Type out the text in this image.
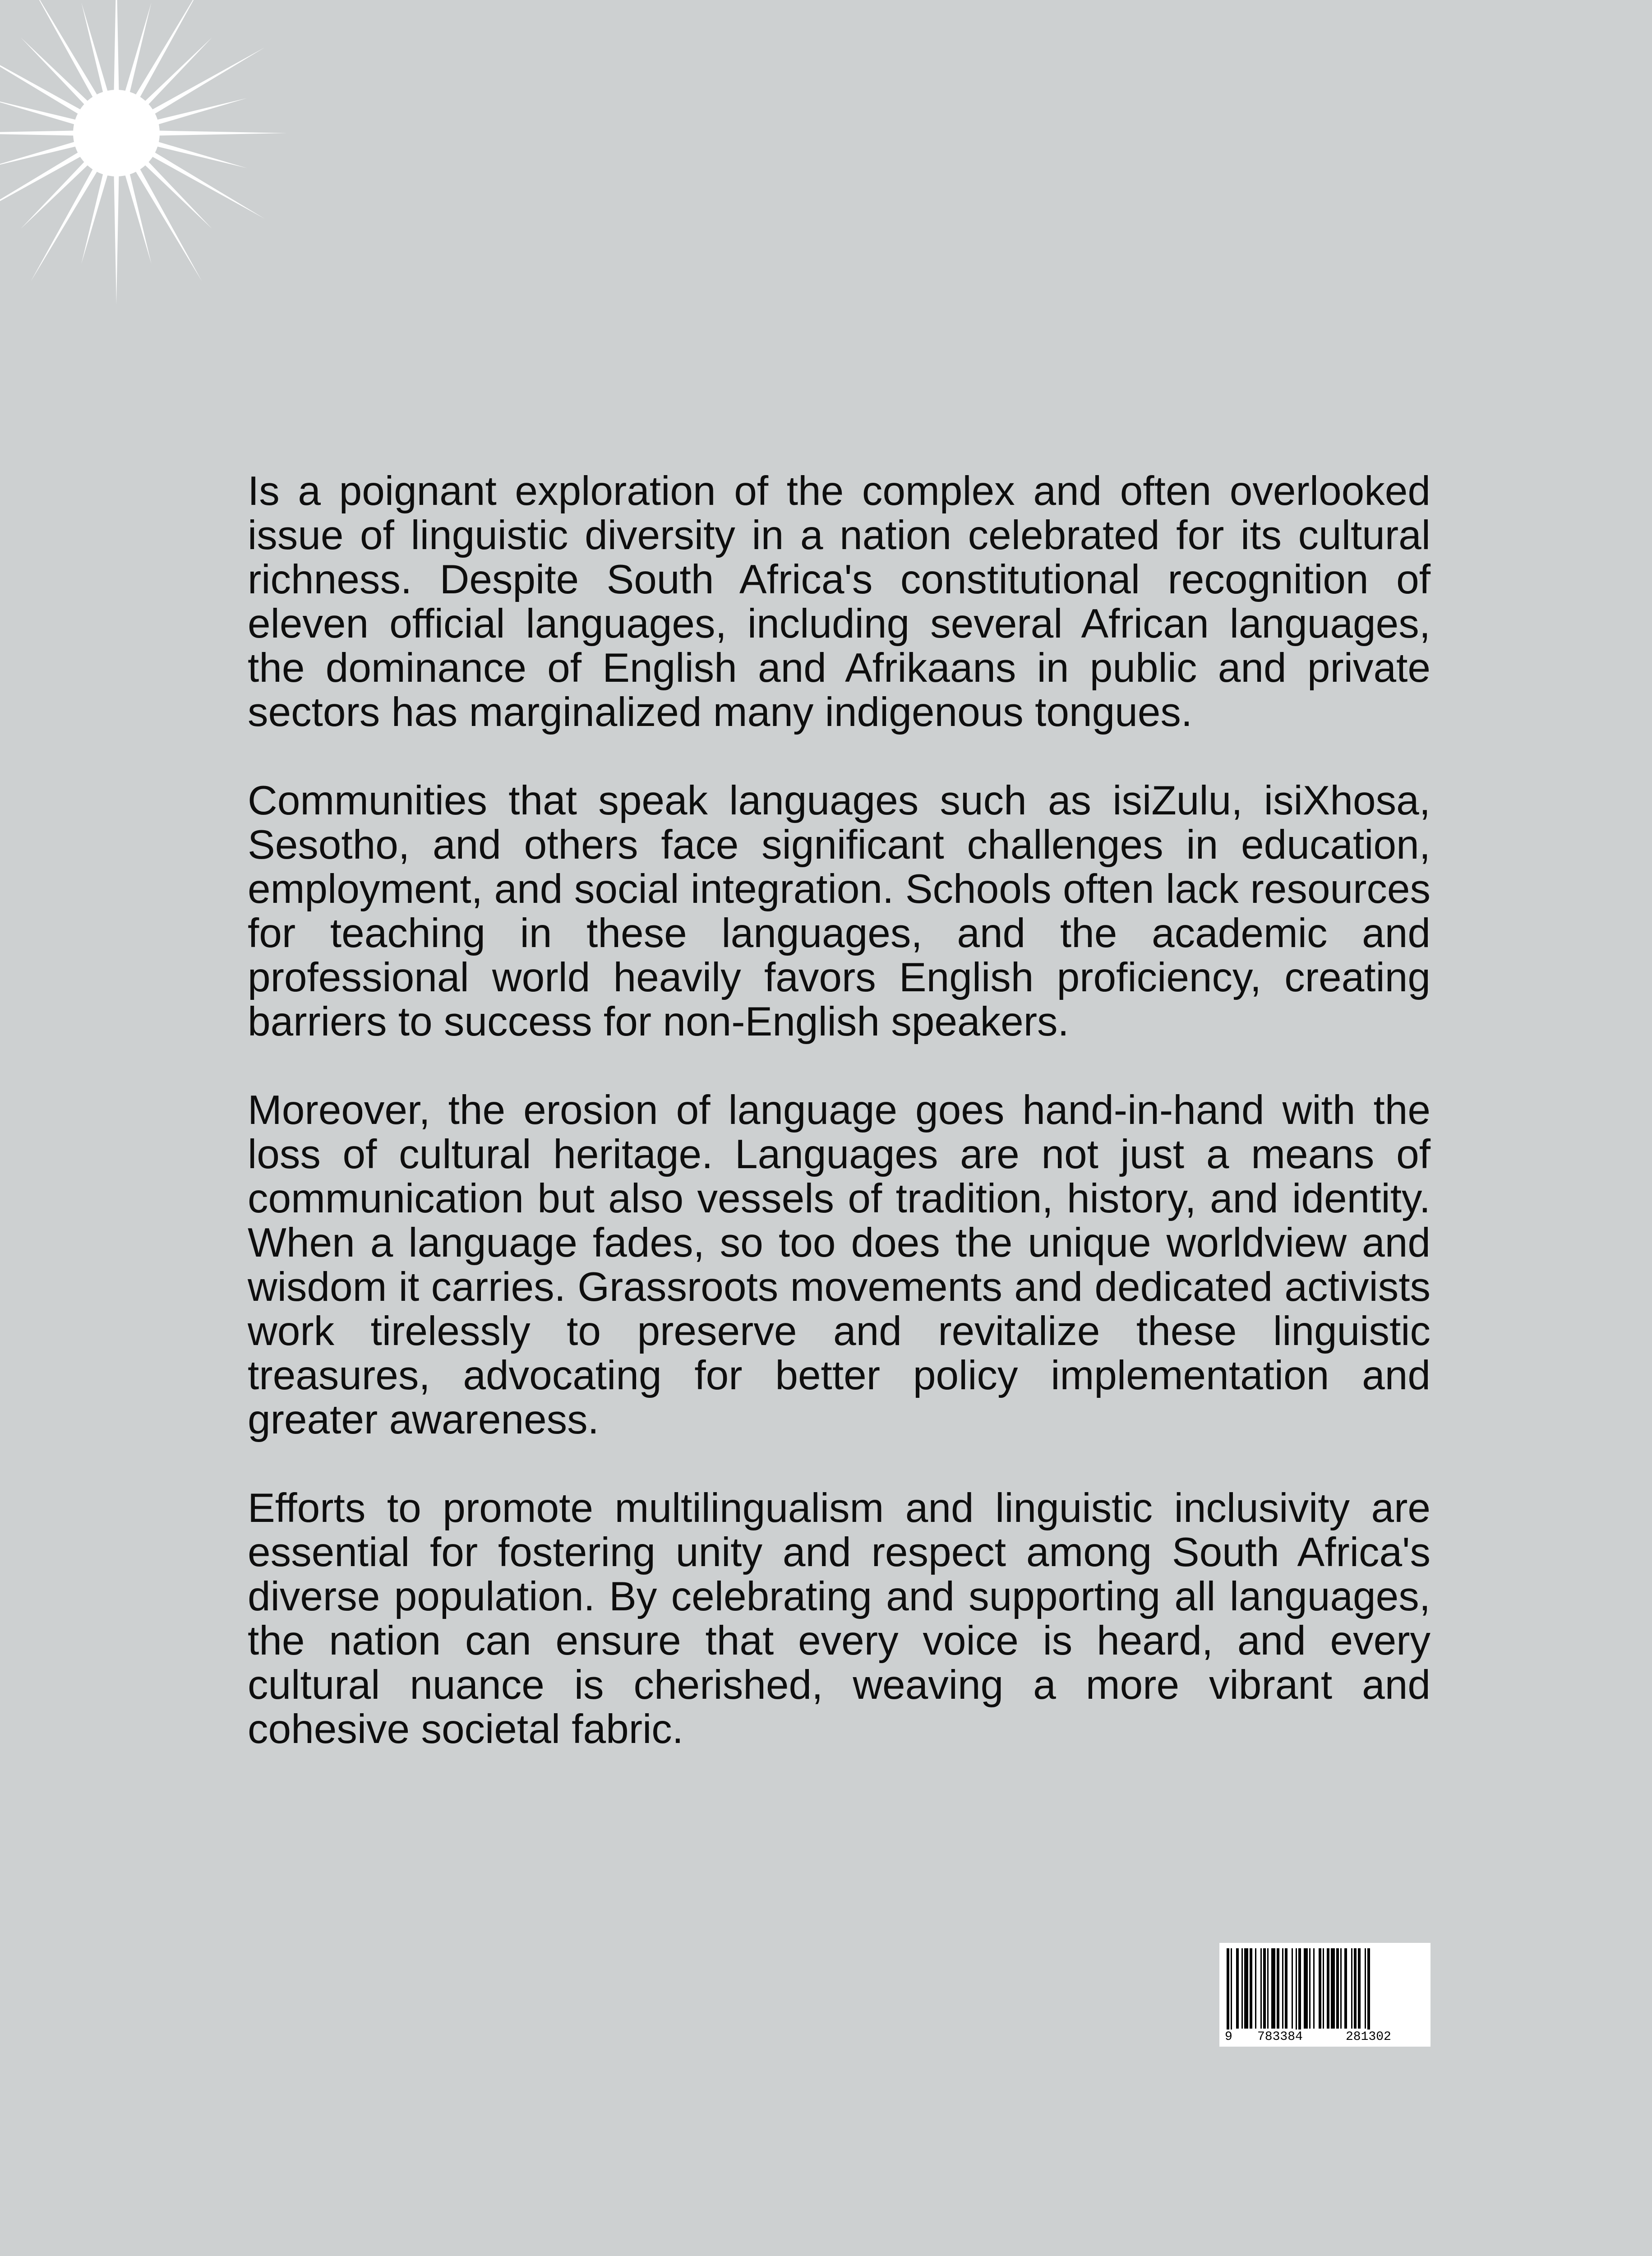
Is a poignant exploration of the complex and often overlooked issue of linguistic diversity in a nation celebrated for its cultural richness. Despite South Africa's constitutional recognition of eleven official languages, including several African languages, the dominance of English and Afrikaans in public and private sectors has marginalized many indigenous tongues.

Communities that speak languages such as isiZulu, isiXhosa, Sesotho, and others face significant challenges in education, employment, and social integration. Schools often lack resources for teaching in these languages, and the academic and professional world heavily favors English proficiency, creating barriers to success for non-English speakers.

Moreover, the erosion of language goes hand-in-hand with the loss of cultural heritage. Languages are not just a means of communication but also vessels of tradition, history, and identity. When a language fades, so too does the unique worldview and wisdom it carries. Grassroots movements and dedicated activists work tirelessly to preserve and revitalize these linguistic treasures, advocating for better policy implementation and greater awareness.

Efforts to promote multilingualism and linguistic inclusivity are essential for fostering unity and respect among South Africa's diverse population. By celebrating and supporting all languages, the nation can ensure that every voice is heard, and every cultural nuance is cherished, weaving a more vibrant and cohesive societal fabric.

9 783384	281302
